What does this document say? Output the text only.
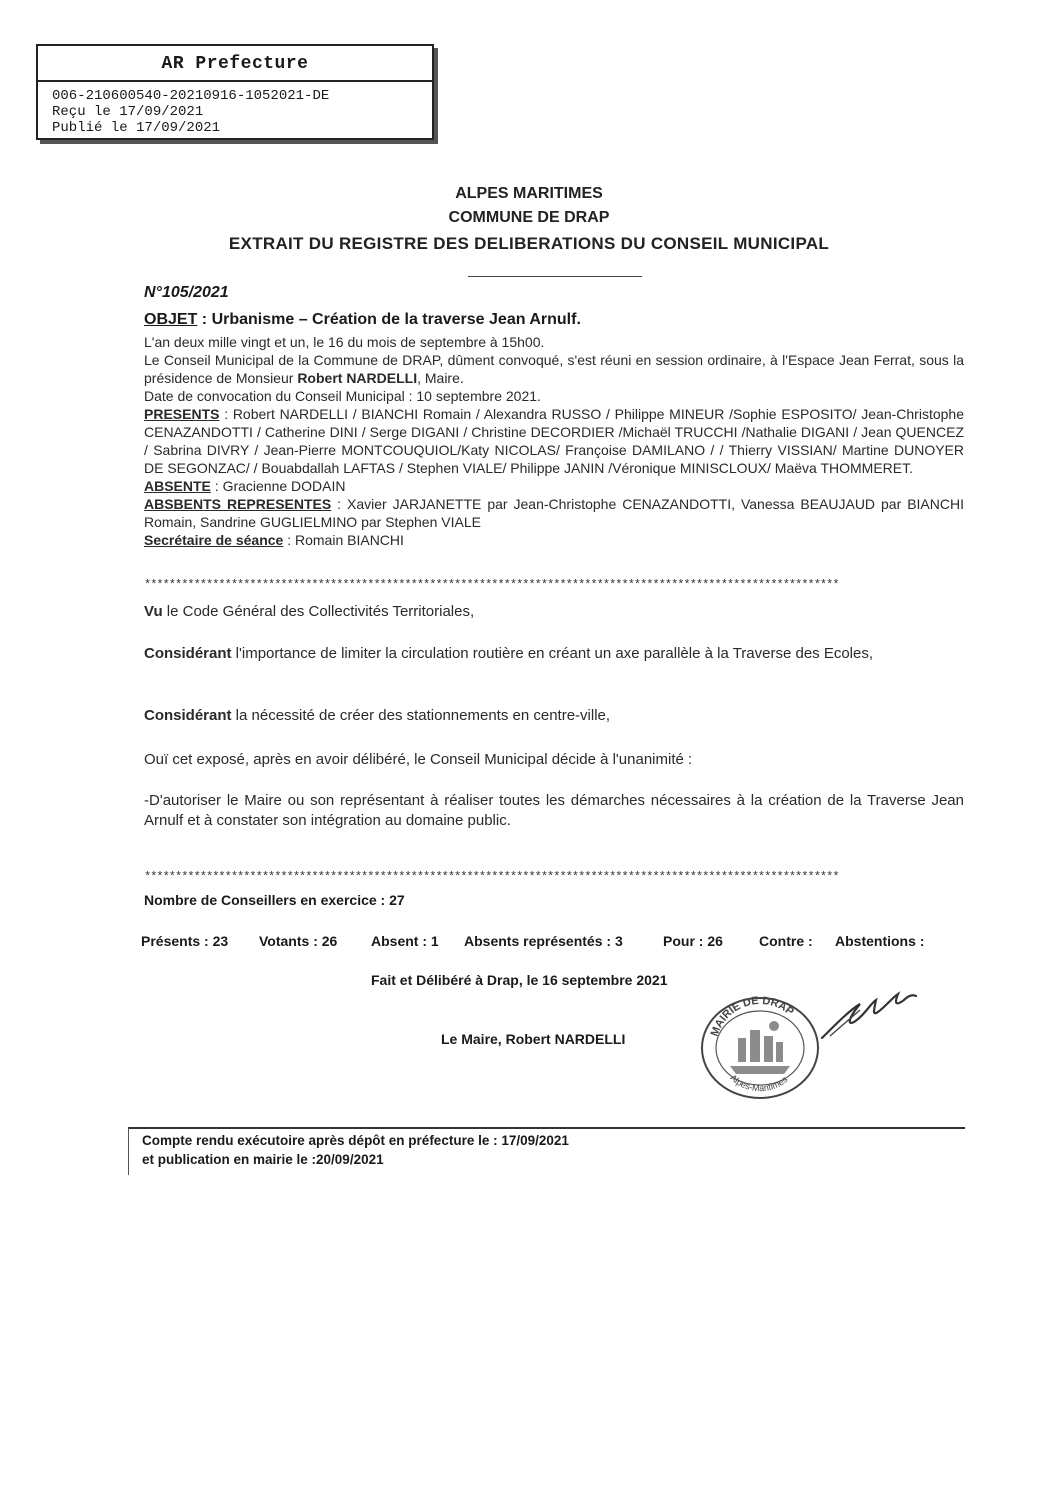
AR Prefecture
006-210600540-20210916-1052021-DE
Reçu le 17/09/2021
Publié le 17/09/2021
ALPES MARITIMES
COMMUNE DE DRAP
EXTRAIT DU REGISTRE DES DELIBERATIONS DU CONSEIL MUNICIPAL
N°105/2021
OBJET : Urbanisme – Création de la traverse Jean Arnulf.
L'an deux mille vingt et un, le 16 du mois de septembre à 15h00.
Le Conseil Municipal de la Commune de DRAP, dûment convoqué, s'est réuni en session ordinaire, à l'Espace Jean Ferrat, sous la présidence de Monsieur Robert NARDELLI, Maire.
Date de convocation du Conseil Municipal : 10 septembre 2021.
PRESENTS : Robert NARDELLI / BIANCHI Romain / Alexandra RUSSO / Philippe MINEUR /Sophie ESPOSITO/ Jean-Christophe CENAZANDOTTI / Catherine DINI / Serge DIGANI / Christine DECORDIER /Michaël TRUCCHI /Nathalie DIGANI / Jean QUENCEZ / Sabrina DIVRY / Jean-Pierre MONTCOUQUIOL/Katy NICOLAS/ Françoise DAMILANO / / Thierry VISSIAN/ Martine DUNOYER DE SEGONZAC/ / Bouabdallah LAFTAS / Stephen VIALE/ Philippe JANIN /Véronique MINISCLOUX/ Maëva THOMMERET.
ABSENTE : Gracienne DODAIN
ABSBENTS REPRESENTES : Xavier JARJANETTE par Jean-Christophe CENAZANDOTTI, Vanessa BEAUJAUD par BIANCHI Romain, Sandrine GUGLIELMINO par Stephen VIALE
Secrétaire de séance : Romain BIANCHI
****************************************************************************************************************
Vu le Code Général des Collectivités Territoriales,
Considérant l'importance de limiter la circulation routière en créant un axe parallèle à la Traverse des Ecoles,
Considérant la nécessité de créer des stationnements en centre-ville,
Ouï cet exposé, après en avoir délibéré, le Conseil Municipal décide à l'unanimité :
-D'autoriser le Maire ou son représentant à réaliser toutes les démarches nécessaires à la création de la Traverse Jean Arnulf et à constater son intégration au domaine public.
****************************************************************************************************************
Nombre de Conseillers en exercice : 27
Présents : 23 Votants : 26 Absent : 1 Absents représentés : 3	Pour : 26	Contre : Abstentions :
Fait et Délibéré à Drap, le 16 septembre 2021
Le Maire, Robert NARDELLI	MAIRIE DE DRAP
Alpes-Maritimes
Compte rendu exécutoire après dépôt en préfecture le : 17/09/2021
et publication en mairie le :20/09/2021
